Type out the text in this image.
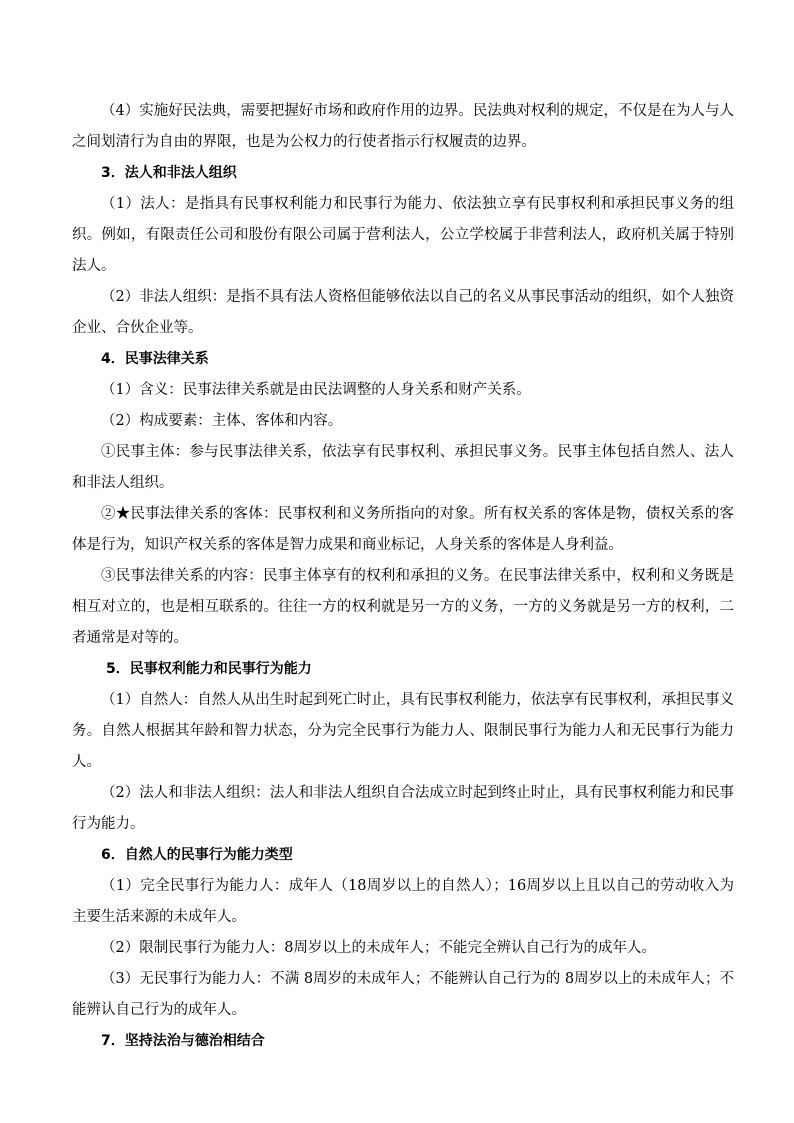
（4）实施好民法典，需要把握好市场和政府作用的边界。民法典对权利的规定，不仅是在为人与人之间划清行为自由的界限，也是为公权力的行使者指示行权履责的边界。

3．法人和非法人组织

（1）法人：是指具有民事权利能力和民事行为能力、依法独立享有民事权利和承担民事义务的组织。例如，有限责任公司和股份有限公司属于营利法人，公立学校属于非营利法人，政府机关属于特别法人。

（2）非法人组织：是指不具有法人资格但能够依法以自己的名义从事民事活动的组织，如个人独资企业、合伙企业等。

4．民事法律关系

（1）含义：民事法律关系就是由民法调整的人身关系和财产关系。

（2）构成要素：主体、客体和内容。

①民事主体：参与民事法律关系，依法享有民事权利、承担民事义务。民事主体包括自然人、法人和非法人组织。

②★民事法律关系的客体：民事权利和义务所指向的对象。所有权关系的客体是物，债权关系的客体是行为，知识产权关系的客体是智力成果和商业标记，人身关系的客体是人身利益。

③民事法律关系的内容：民事主体享有的权利和承担的义务。在民事法律关系中，权利和义务既是相互对立的，也是相互联系的。往往一方的权利就是另一方的义务，一方的义务就是另一方的权利，二者通常是对等的。

5．民事权利能力和民事行为能力

（1）自然人：自然人从出生时起到死亡时止，具有民事权利能力，依法享有民事权利，承担民事义务。自然人根据其年龄和智力状态，分为完全民事行为能力人、限制民事行为能力人和无民事行为能力人。

（2）法人和非法人组织：法人和非法人组织自合法成立时起到终止时止，具有民事权利能力和民事行为能力。

6．自然人的民事行为能力类型

（1）完全民事行为能力人：成年人（18周岁以上的自然人）；16周岁以上且以自己的劳动收入为主要生活来源的未成年人。

（2）限制民事行为能力人：8周岁以上的未成年人；不能完全辨认自己行为的成年人。

（3）无民事行为能力人：不满 8周岁的未成年人；不能辨认自己行为的 8周岁以上的未成年人；不能辨认自己行为的成年人。

7．坚持法治与德治相结合
